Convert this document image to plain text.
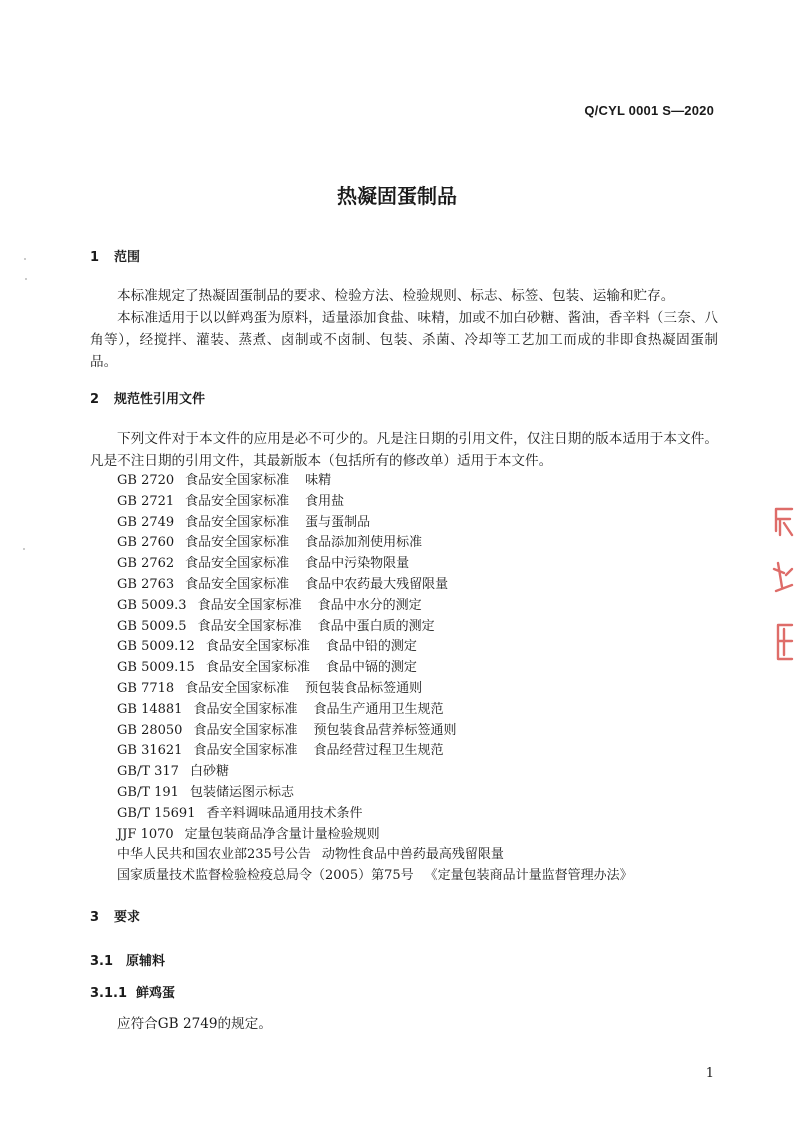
Q/CYL 0001 S—2020
热凝固蛋制品
1 范围

本标准规定了热凝固蛋制品的要求、检验方法、检验规则、标志、标签、包装、运输和贮存。

本标准适用于以以鲜鸡蛋为原料，适量添加食盐、味精，加或不加白砂糖、酱油，香辛料（三奈、八角等），经搅拌、灌装、蒸煮、卤制或不卤制、包装、杀菌、冷却等工艺加工而成的非即食热凝固蛋制品。

2 规范性引用文件

下列文件对于本文件的应用是必不可少的。凡是注日期的引用文件，仅注日期的版本适用于本文件。凡是不注日期的引用文件，其最新版本（包括所有的修改单）适用于本文件。

GB 2720 食品安全国家标准 味精
GB 2721 食品安全国家标准 食用盐
GB 2749 食品安全国家标准 蛋与蛋制品
GB 2760 食品安全国家标准 食品添加剂使用标准
GB 2762 食品安全国家标准 食品中污染物限量
GB 2763 食品安全国家标准 食品中农药最大残留限量
GB 5009.3 食品安全国家标准 食品中水分的测定
GB 5009.5 食品安全国家标准 食品中蛋白质的测定
GB 5009.12 食品安全国家标准 食品中铅的测定
GB 5009.15 食品安全国家标准 食品中镉的测定
GB 7718 食品安全国家标准 预包装食品标签通则
GB 14881 食品安全国家标准 食品生产通用卫生规范
GB 28050 食品安全国家标准 预包装食品营养标签通则
GB 31621 食品安全国家标准 食品经营过程卫生规范
GB/T 317 白砂糖
GB/T 191 包装储运图示标志
GB/T 15691 香辛料调味品通用技术条件
JJF 1070 定量包装商品净含量计量检验规则
中华人民共和国农业部235号公告 动物性食品中兽药最高残留限量
国家质量技术监督检验检疫总局令（2005）第75号 《定量包装商品计量监督管理办法》
3 要求
3.1 原辅料
3.1.1 鲜鸡蛋

应符合GB 2749的规定。

1
